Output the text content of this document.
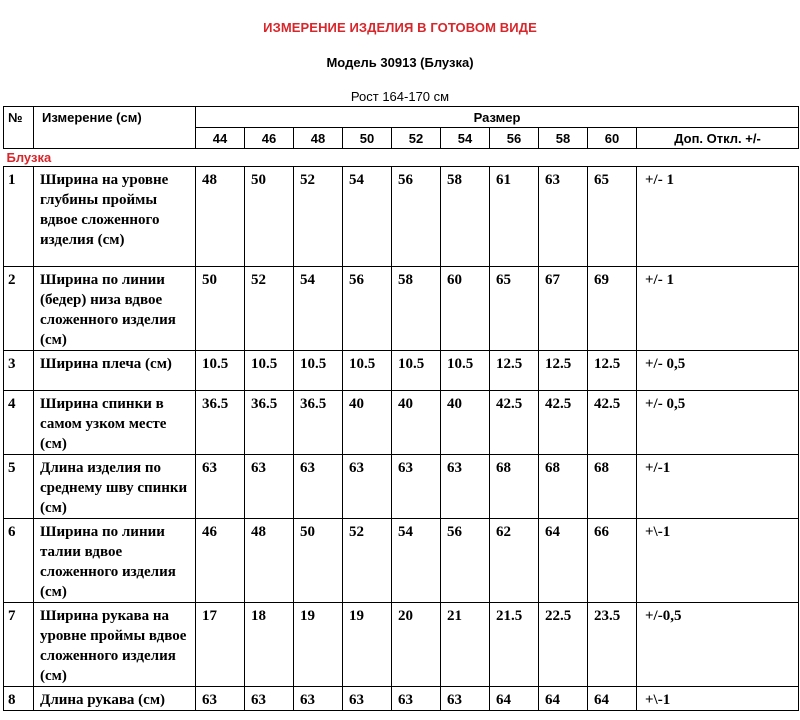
ИЗМЕРЕНИЕ ИЗДЕЛИЯ В ГОТОВОМ ВИДЕ
Модель 30913 (Блузка)
Рост 164-170 см
№	Измерение (см)	Размер									
		44	46	48	50	52	54	56	58	60	Доп. Откл. +/-
Блузка											
1	Ширина на уровне глубины проймы вдвое сложенного изделия (см)	48	50	52	54	56	58	61	63	65	+/- 1
2	Ширина по линии (бедер) низа вдвое сложенного изделия (см)	50	52	54	56	58	60	65	67	69	+/- 1
3	Ширина плеча (см)	10.5	10.5	10.5	10.5	10.5	10.5	12.5	12.5	12.5	+/- 0,5
4	Ширина спинки в самом узком месте (см)	36.5	36.5	36.5	40	40	40	42.5	42.5	42.5	+/- 0,5
5	Длина изделия по среднему шву спинки (см)	63	63	63	63	63	63	68	68	68	+/-1
6	Ширина по линии талии вдвое сложенного изделия (см)	46	48	50	52	54	56	62	64	66	+\-1
7	Ширина рукава на уровне проймы вдвое сложенного изделия (см)	17	18	19	19	20	21	21.5	22.5	23.5	+/-0,5
8	Длина рукава (см)	63	63	63	63	63	63	64	64	64	+\-1
